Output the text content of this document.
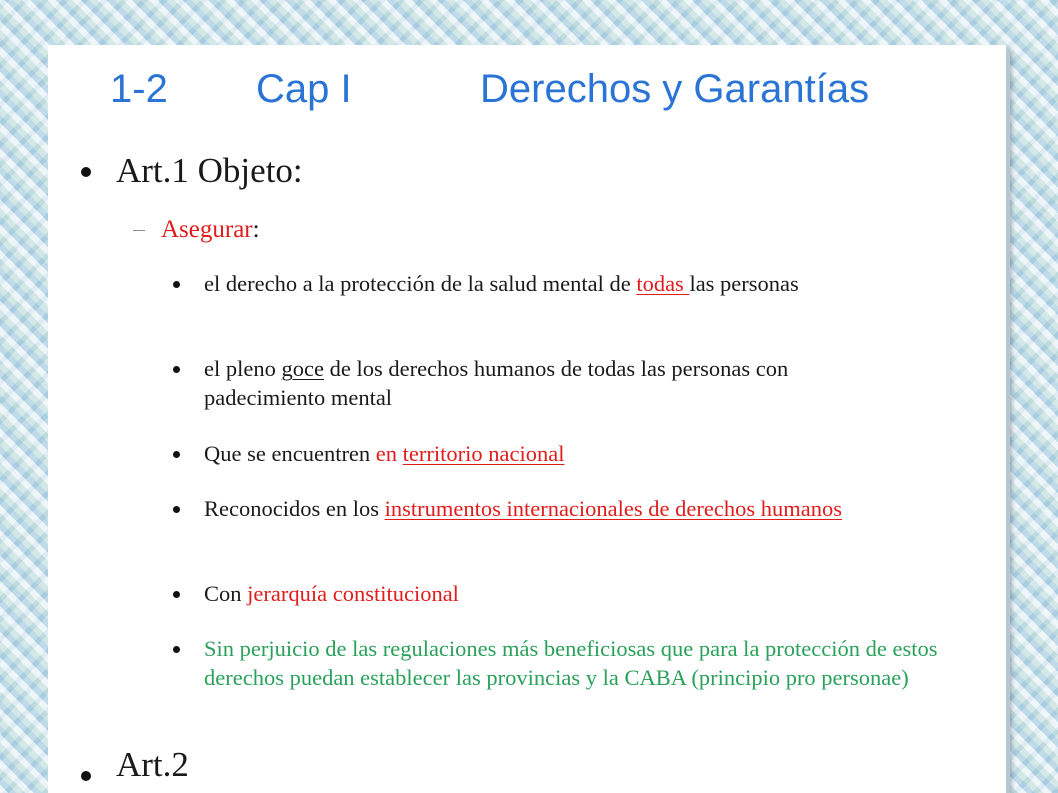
1-2 Cap I	Derechos y Garantías
Art.1 Objeto:
Asegurar:
el derecho a la protección de la salud mental de todas las personas
el pleno goce de los derechos humanos de todas las personas con padecimiento mental
Que se encuentren en territorio nacional
Reconocidos en los instrumentos internacionales de derechos humanos
Con jerarquía constitucional
Sin perjuicio de las regulaciones más beneficiosas que para la protección de estos derechos puedan establecer las provincias y la CABA (principio pro personae)
Art.2
